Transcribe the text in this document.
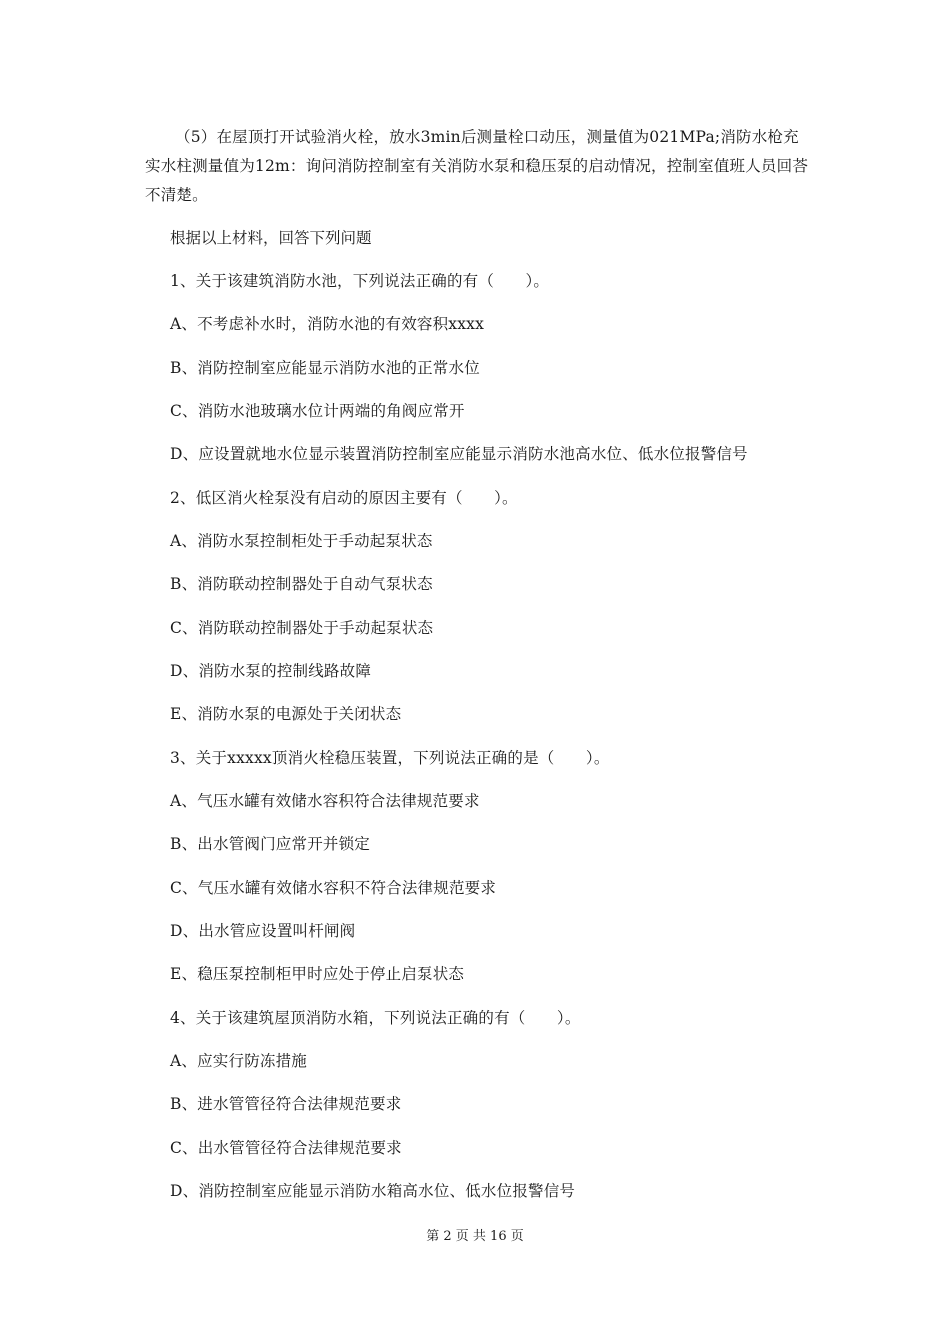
（5）在屋顶打开试验消火栓，放水3min后测量栓口动压，测量值为021MPa;消防水枪充实水柱测量值为12m：询问消防控制室有关消防水泵和稳压泵的启动情况，控制室值班人员回荅不清楚。
根据以上材料，回答下列问题
1、关于该建筑消防水池，下列说法正确的有（　　）。
A、不考虑补水时，消防水池的有效容积xxxx
B、消防控制室应能显示消防水池的正常水位
C、消防水池玻璃水位计两端的角阀应常开
D、应设置就地水位显示装置消防控制室应能显示消防水池高水位、低水位报警信号
2、低区消火栓泵没有启动的原因主要有（　　）。
A、消防水泵控制柜处于手动起泵状态
B、消防联动控制器处于自动气泵状态
C、消防联动控制器处于手动起泵状态
D、消防水泵的控制线路故障
E、消防水泵的电源处于关闭状态
3、关于xxxxx顶消火栓稳压装置，下列说法正确的是（　　）。
A、气压水罐有效储水容积符合法律规范要求
B、出水管阀门应常开并锁定
C、气压水罐有效储水容积不符合法律规范要求
D、出水管应设置叫杆闸阀
E、稳压泵控制柜甲时应处于停止启泵状态
4、关于该建筑屋顶消防水箱，下列说法正确的有（　　）。
A、应实行防冻措施
B、进水管管径符合法律规范要求
C、出水管管径符合法律规范要求
D、消防控制室应能显示消防水箱高水位、低水位报警信号
第 2 页 共 16 页
